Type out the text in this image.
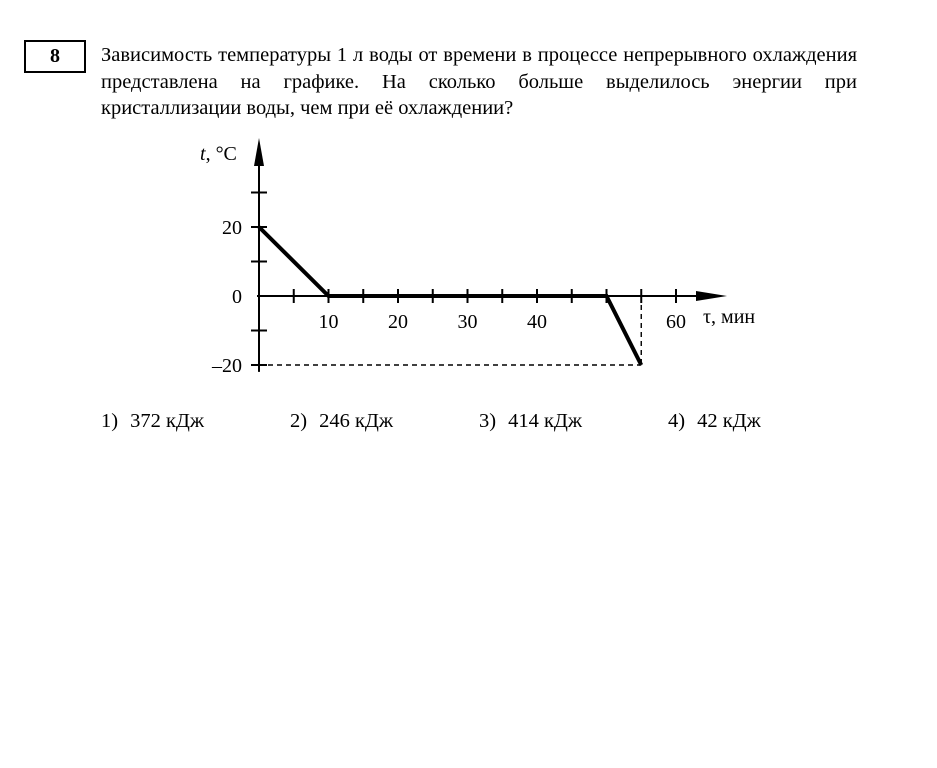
8	Зависимость температуры 1 л воды от времени в процессе непрерывного охлаждения представлена на графике. На сколько больше выделилось энергии при кристаллизации воды, чем при её охлаждении?

t, °C
20
0
–20
10 20 30 40	60 τ, мин
1) 372 кДж	2) 246 кДж	3) 414 кДж	4) 42 кДж
